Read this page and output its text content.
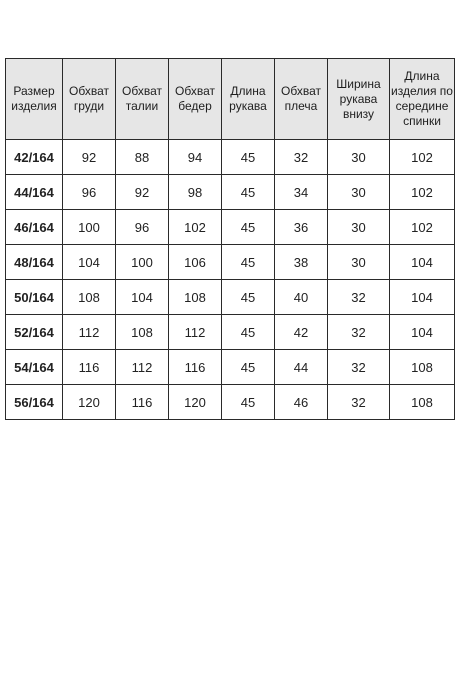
Размер изделия	Обхват груди	Обхват талии	Обхват бедер	Длина рукава	Обхват плеча	Ширина рукава внизу	Длина изделия по середине спинки
42/164	92	88	94	45	32	30	102
44/164	96	92	98	45	34	30	102
46/164	100	96	102	45	36	30	102
48/164	104	100	106	45	38	30	104
50/164	108	104	108	45	40	32	104
52/164	112	108	112	45	42	32	104
54/164	116	112	116	45	44	32	108
56/164	120	116	120	45	46	32	108
